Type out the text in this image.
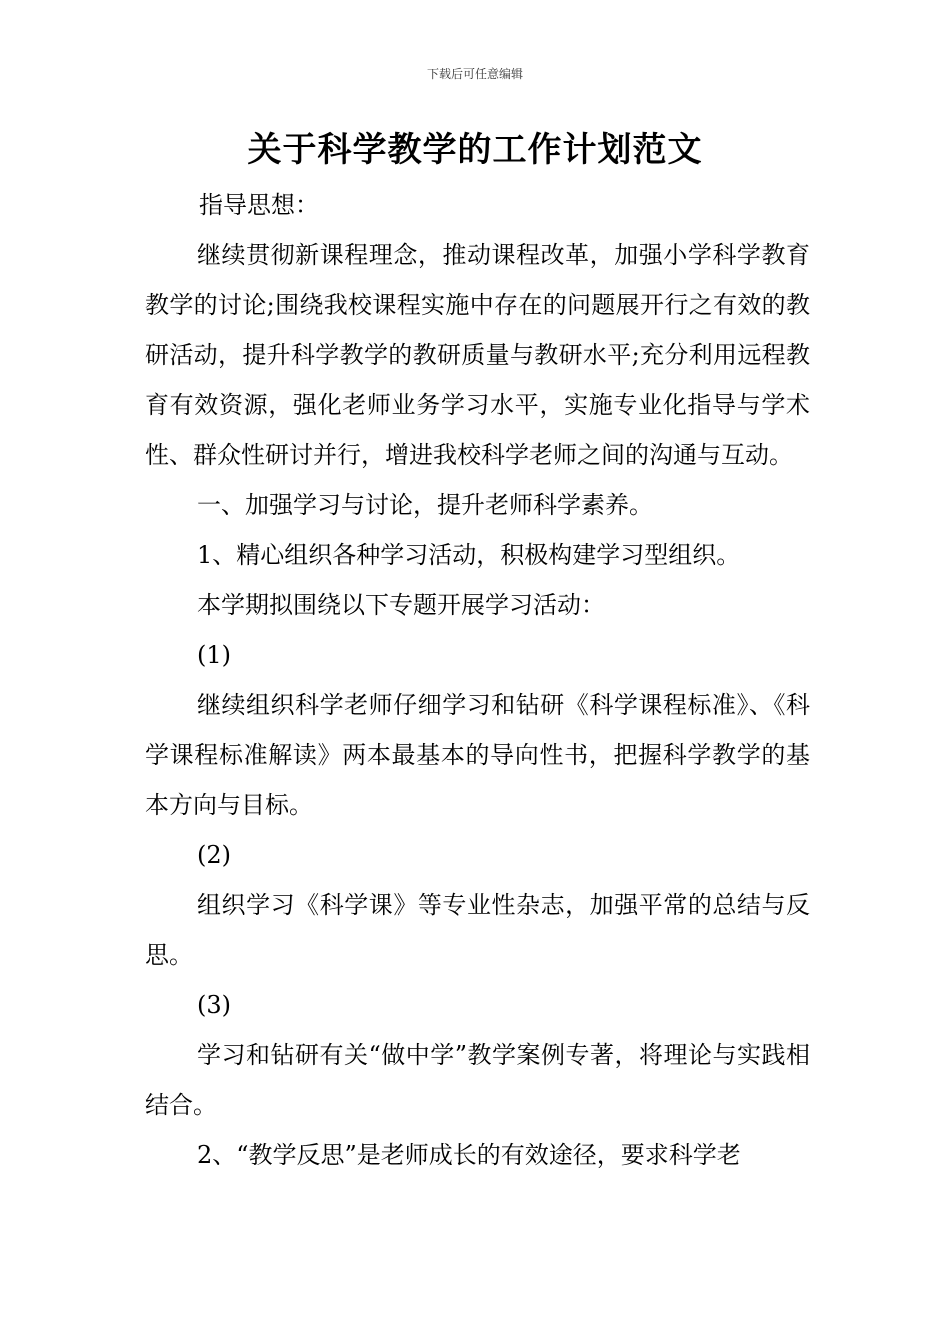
下载后可任意编辑
关于科学教学的工作计划范文

指导思想：

继续贯彻新课程理念，推动课程改革，加强小学科学教育教学的讨论;围绕我校课程实施中存在的问题展开行之有效的教研活动，提升科学教学的教研质量与教研水平;充分利用远程教育有效资源，强化老师业务学习水平，实施专业化指导与学术性、群众性研讨并行，增进我校科学老师之间的沟通与互动。

一、加强学习与讨论，提升老师科学素养。

1、精心组织各种学习活动，积极构建学习型组织。

本学期拟围绕以下专题开展学习活动：

(1)

继续组织科学老师仔细学习和钻研《科学课程标准》、《科学课程标准解读》两本最基本的导向性书，把握科学教学的基本方向与目标。

(2)

组织学习《科学课》等专业性杂志，加强平常的总结与反思。

(3)

学习和钻研有关“做中学”教学案例专著，将理论与实践相结合。

2、“教学反思”是老师成长的有效途径，要求科学老
